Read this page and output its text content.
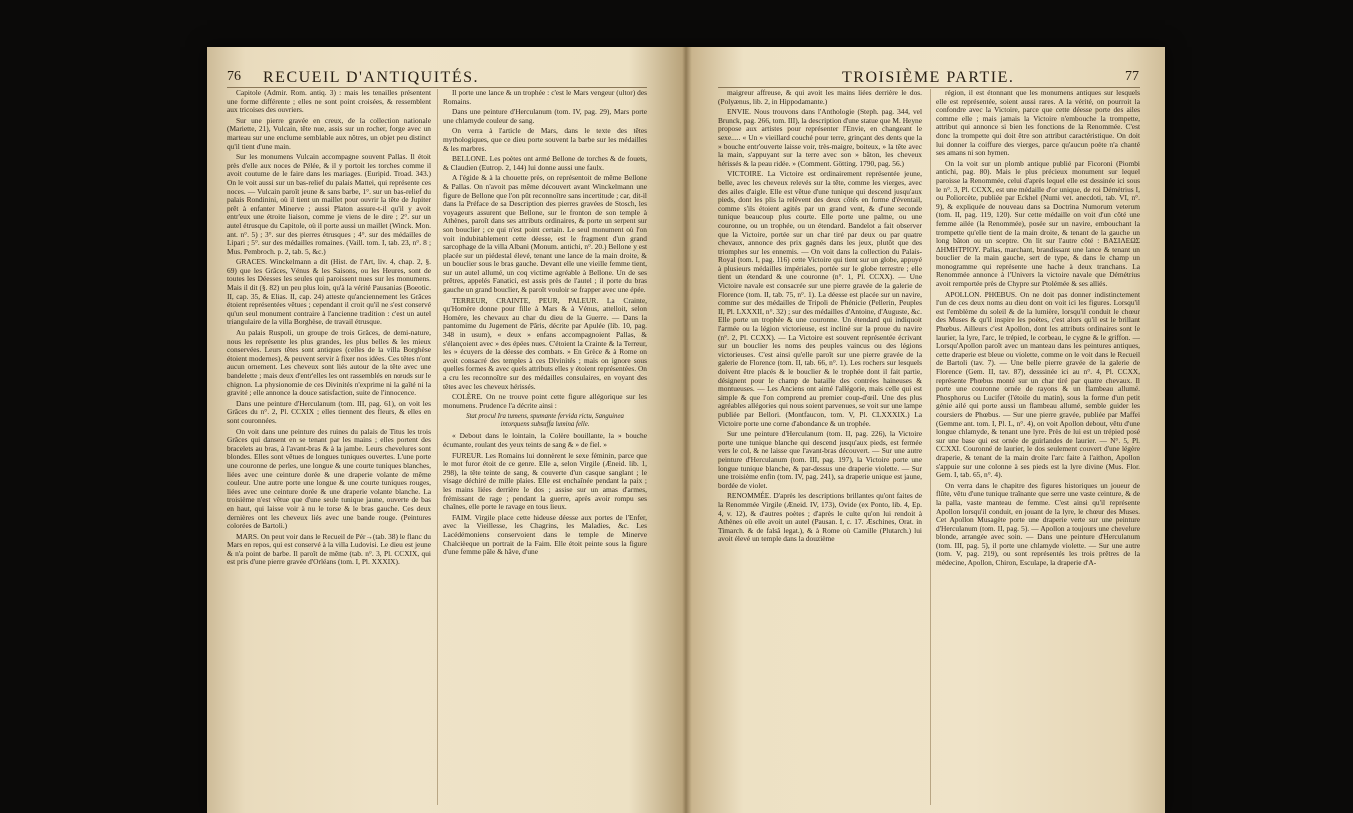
76 RECUEIL D'ANTIQUITÉS.

Capitole (Admir. Rom. antiq. 3) : mais les tenailles présentent une forme différente ; elles ne sont point croisées, & ressemblent aux tricoises des ouvriers.

Sur une pierre gravée en creux, de la collection nationale (Mariette, 21), Vulcain, tête nue, assis sur un rocher, forge avec un marteau sur une enclume semblable aux nôtres, un objet peu distinct qu'il tient d'une main.

Sur les monumens Vulcain accompagne souvent Pallas. Il étoit près d'elle aux noces de Pélée, & il y portoit les torches comme il avoit coutume de le faire dans les mariages. (Euripid. Troad. 343.) On le voit aussi sur un bas-relief du palais Mattei, qui représente ces noces. — Vulcain paroît jeune & sans barbe, 1°. sur un bas-relief du palais Rondinini, où il tient un maillet pour ouvrir la tête de Jupiter prêt à enfanter Minerve ; aussi Platon assure-t-il qu'il y avoit entr'eux une étroite liaison, comme je viens de le dire ; 2°. sur un autel étrusque du Capitole, où il porte aussi un maillet (Winck. Mon. ant. n°. 5) ; 3°. sur des pierres étrusques ; 4°. sur des médailles de Lipari ; 5°. sur des médailles romaines. (Vaill. tom. I, tab. 23, n°. 8 ; Mus. Pembroch. p. 2, tab. 5, &c.)

GRACES. Winckelmann a dit (Hist. de l'Art, liv. 4, chap. 2, §. 69) que les Grâces, Vénus & les Saisons, ou les Heures, sont de toutes les Déesses les seules qui paroissent nues sur les monumens. Mais il dit (§. 82) un peu plus loin, qu'à la vérité Pausanias (Boeotic. II, cap. 35, & Elias. II, cap. 24) atteste qu'anciennement les Grâces étoient représentées vêtues ; cependant il croit qu'il ne s'est conservé qu'un seul monument contraire à l'ancienne tradition : c'est un autel triangulaire de la villa Borghèse, de travail étrusque.

Au palais Ruspoli, un groupe de trois Grâces, de demi-nature, nous les représente les plus grandes, les plus belles & les mieux conservées. Leurs têtes sont antiques (celles de la villa Borghèse étoient modernes), & peuvent servir à fixer nos idées. Ces têtes n'ont aucun ornement. Les cheveux sont liés autour de la tête avec une bandelette ; mais deux d'entr'elles les ont rassemblés en nœuds sur le chignon. La physionomie de ces Divinités n'exprime ni la gaîté ni la gravité ; elle annonce la douce satisfaction, suite de l'innocence.

Dans une peinture d'Herculanum (tom. III, pag. 61), on voit les Grâces du n°. 2, Pl. CCXIX ; elles tiennent des fleurs, & elles en sont couronnées.

On voit dans une peinture des ruines du palais de Titus les trois Grâces qui dansent en se tenant par les mains ; elles portent des bracelets au bras, à l'avant-bras & à la jambe. Leurs chevelures sont blondes. Elles sont vêtues de longues tuniques ouvertes. L'une porte une couronne de perles, une longue & une courte tuniques blanches, liées avec une ceinture dorée & une draperie volante de même couleur. Une autre porte une longue & une courte tuniques rouges, liées avec une ceinture dorée & une draperie volante blanche. La troisième n'est vêtue que d'une seule tunique jaune, ouverte de bas en haut, qui laisse voir à nu le torse & le bras gauche. Ces deux dernières ont les cheveux liés avec une bande rouge. (Peintures colorées de Bartoli.)

MARS. On peut voir dans le Recueil de Pér→(tab. 38) le flanc du Mars en repos, qui est conservé à la villa Ludovisi. Le dieu est jeune & n'a point de barbe. Il paroît de même (tab. n°. 3, Pl. CCXIX, qui est pris d'une pierre gravée d'Orléans (tom. I, Pl. XXXIX).

Il porte une lance & un trophée : c'est le Mars vengeur (ultor) des Romains.

Dans une peinture d'Herculanum (tom. IV, pag. 29), Mars porte une chlamyde couleur de sang.

On verra à l'article de Mars, dans le texte des têtes mythologiques, que ce dieu porte souvent la barbe sur les médailles & les marbres.

BELLONE. Les poètes ont armé Bellone de torches & de fouets, & Claudien (Eutrop. 2, 144) lui donne aussi une faulx.

A l'égide & à la chouette près, on représentoit de même Bellone & Pallas. On n'avoit pas même découvert avant Winckelmann une figure de Bellone que l'on pût reconnoître sans incertitude ; car, dit-il dans la Préface de sa Description des pierres gravées de Stosch, les voyageurs assurent que Bellone, sur le fronton de son temple à Athènes, paroît dans ses attributs ordinaires, & porte un serpent sur son bouclier ; ce qui n'est point certain. Le seul monument où l'on voit indubitablement cette déesse, est le fragment d'un grand sarcophage de la villa Albani (Monum. antichi, n°. 20.) Bellone y est placée sur un piédestal élevé, tenant une lance de la main droite, & un bouclier sous le bras gauche. Devant elle une vieille femme tient, sur un autel allumé, un coq victime agréable à Bellone. Un de ses prêtres, appelés Fanatici, est assis près de l'autel ; il porte du bras gauche un grand bouclier, & paroît vouloir se frapper avec une épée.

TERREUR, CRAINTE, PEUR, PALEUR. La Crainte, qu'Homère donne pour fille à Mars & à Vénus, attelloit, selon Homère, les chevaux au char du dieu de la Guerre. — Dans la pantomime du Jugement de Pâris, décrite par Apulée (lib. 10, pag. 348 in usum), « deux » enfans accompagnoient Pallas, & s'élançoient avec » des épées nues. C'étoient la Crainte & la Terreur, les » écuyers de la déesse des combats. » En Grèce & à Rome on avoit consacré des temples à ces Divinités ; mais on ignore sous quelles formes & avec quels attributs elles y étoient représentées. On a cru les reconnoître sur des médailles consulaires, en voyant des têtes avec les cheveux hérissés.

COLÈRE. On ne trouve point cette figure allégorique sur les monumens. Prudence l'a décrite ainsi :

Stat procul Ira tumens, spumante fervida rictu, Sanguinea intorquens subsuffa lumina felle.

« Debout dans le lointain, la Colère bouillante, la » bouche écumante, roulant des yeux teints de sang & » de fiel. »

FUREUR. Les Romains lui donnèrent le sexe féminin, parce que le mot furor étoit de ce genre. Elle a, selon Virgile (Æneid. lib. 1, 298), la tête teinte de sang, & couverte d'un casque sanglant ; le visage déchiré de mille plaies. Elle est enchaînée pendant la paix ; les mains liées derrière le dos ; assise sur un amas d'armes, frémissant de rage ; pendant la guerre, après avoir rompu ses chaînes, elle porte le ravage en tous lieux.

FAIM. Virgile place cette hideuse déesse aux portes de l'Enfer, avec la Vieillesse, les Chagrins, les Maladies, &c. Les Lacédémoniens conservoient dans le temple de Minerve Chalcièeque un portrait de la Faim. Elle étoit peinte sous la figure d'une femme pâle & hâve, d'une

TROISIÈME PARTIE.	77

maigreur affreuse, & qui avoit les mains liées derrière le dos. (Polyænus, lib. 2, in Hippodamante.)

ENVIE. Nous trouvons dans l'Anthologie (Steph. pag. 344, vel Brunck, pag. 266, tom. III), la description d'une statue que M. Heyne propose aux artistes pour représenter l'Envie, en changeant le sexe..... « Un » vieillard couché pour terre, grinçant des dents que la » bouche entr'ouverte laisse voir, très-maigre, boiteux, » la tête avec la main, s'appuyant sur la terre avec son » bâton, les cheveux hérissés & la peau ridée. » (Comment. Götting. 1790, pag. 56.)

VICTOIRE. La Victoire est ordinairement représentée jeune, belle, avec les cheveux relevés sur la tête, comme les vierges, avec des ailes d'aigle. Elle est vêtue d'une tunique qui descend jusqu'aux pieds, dont les plis la relèvent des deux côtés en forme d'éventail, comme s'ils étoient agités par un grand vent, & d'une seconde tunique beaucoup plus courte. Elle porte une palme, ou une couronne, ou un trophée, ou un étendard. Bandelot a fait observer que la Victoire, portée sur un char tiré par deux ou par quatre chevaux, annonce des prix gagnés dans les jeux, plutôt que des triomphes sur les ennemis. — On voit dans la collection du Palais-Royal (tom. I, pag. 116) cette Victoire qui tient sur un globe, appuyé à plusieurs médailles impériales, portée sur le globe terrestre ; elle tient un étendard & une couronne (n°. 1, Pl. CCXX). — Une Victoire navale est consacrée sur une pierre gravée de la galerie de Florence (tom. II, tab. 75, n°. 1). La déesse est placée sur un navire, comme sur des médailles de Tripoli de Phénicie (Pellerin, Peuples II, Pl. LXXXII, n°. 32) ; sur des médailles d'Antoine, d'Auguste, &c. Elle porte un trophée & une couronne. Un étendard qui indiquoit l'armée ou la légion victorieuse, est incliné sur la proue du navire (n°. 2, Pl. CCXX). — La Victoire est souvent représentée écrivant sur un bouclier les noms des peuples vaincus ou des légions victorieuses. C'est ainsi qu'elle paroît sur une pierre gravée de la galerie de Florence (tom. II, tab. 66, n°. 1). Les rochers sur lesquels doivent être placés & le bouclier & le trophée dont il fait partie, désignent pour le champ de bataille des contrées haineuses & montueuses. — Les Anciens ont aimé l'allégorie, mais celle qui est simple & que l'on comprend au premier coup-d'œil. Une des plus agréables allégories qui nous soient parvenues, se voit sur une lampe publiée par Bellori. (Montfaucon, tom. V, Pl. CLXXXIX.) La Victoire porte une corne d'abondance & un trophée.

Sur une peinture d'Herculanum (tom. II, pag. 226), la Victoire porte une tunique blanche qui descend jusqu'aux pieds, est fermée vers le col, & ne laisse que l'avant-bras découvert. — Sur une autre peinture d'Herculanum (tom. III, pag. 197), la Victoire porte une longue tunique blanche, & par-dessus une draperie violette. — Sur une troisième enfin (tom. IV, pag. 241), sa draperie unique est jaune, bordée de violet.

RENOMMÉE. D'après les descriptions brillantes qu'ont faites de la Renommée Virgile (Æneid. IV, 173), Ovide (ex Ponto, lib. 4, Ep. 4, v. 12), & d'autres poètes ; d'après le culte qu'on lui rendoit à Athènes où elle avoit un autel (Pausan. I, c. 17. Æschines, Orat. in Timarch. & de falsâ legat.), & à Rome où Camille (Plutarch.) lui avoit élevé un temple dans la douzième

région, il est étonnant que les monumens antiques sur lesquels elle est représentée, soient aussi rares. A la vérité, on pourroit la confondre avec la Victoire, parce que cette déesse porte des ailes comme elle ; mais jamais la Victoire n'embouche la trompette, attribut qui annonce si bien les fonctions de la Renommée. C'est donc la trompette qui doit être son attribut caractéristique. On doit lui donner la coiffure des vierges, parce qu'aucun poète n'a chanté ses amans ni son hymen.

On la voit sur un plomb antique publié par Ficoroni (Piombi antichi, pag. 80). Mais le plus précieux monument sur lequel paroisse la Renommée, celui d'après lequel elle est dessinée ici sous le n°. 3, Pl. CCXX, est une médaille d'or unique, de roi Démétrius I, ou Poliorcète, publiée par Eckhel (Numi vet. anecdoti, tab. VI, n°. 9), & expliquée de nouveau dans sa Doctrina Numorum veterum (tom. II, pag. 119, 120). Sur cette médaille on voit d'un côté une femme ailée (la Renommée), posée sur un navire, embouchant la trompette qu'elle tient de la main droite, & tenant de la gauche un long bâton ou un sceptre. On lit sur l'autre côté : ΒΑΣΙΛΕΩΣ ΔΗΜΗΤΡΙΟΥ. Pallas, marchant, brandissant une lance & tenant un bouclier de la main gauche, sert de type, & dans le champ un monogramme qui représente une hache à deux tranchans. La Renommée annonce à l'Univers la victoire navale que Démétrius avoit remportée près de Chypre sur Ptolémée & ses alliés.

APOLLON. PHŒBUS. On ne doit pas donner indistinctement l'un de ces deux noms au dieu dont on voit ici les figures. Lorsqu'il est l'emblème du soleil & de la lumière, lorsqu'il conduit le chœur des Muses & qu'il inspire les poètes, c'est alors qu'il est le brillant Phœbus. Ailleurs c'est Apollon, dont les attributs ordinaires sont le laurier, la lyre, l'arc, le trépied, le corbeau, le cygne & le griffon. — Lorsqu'Apollon paroît avec un manteau dans les peintures antiques, cette draperie est bleue ou violette, comme on le voit dans le Recueil de Bartoli (tav. 7). — Une belle pierre gravée de la galerie de Florence (Gem. II, tav. 87), desssinée ici au n°. 4, Pl. CCXX, représente Phœbus monté sur un char tiré par quatre chevaux. Il porte une couronne ornée de rayons & un flambeau allumé. Phosphorus ou Lucifer (l'étoile du matin), sous la forme d'un petit génie ailé qui porte aussi un flambeau allumé, semble guider les coursiers de Phœbus. — Sur une pierre gravée, publiée par Maffei (Gemme ant. tom. I, Pl. L, n°. 4), on voit Apollon debout, vêtu d'une longue chlamyde, & tenant une lyre. Près de lui est un trépied posé sur une base qui est ornée de guirlandes de laurier. — N°. 5, Pl. CCXXI. Couronné de laurier, le dos seulement couvert d'une légère draperie, & tenant de la main droite l'arc faite à l'aithon, Apollon s'appuie sur une colonne à ses pieds est la lyre divine (Mus. Flor. Gem. I, tab. 65, n°. 4).

On verra dans le chapitre des figures historiques un joueur de flûte, vêtu d'une tunique traînante que serre une vaste ceinture, & de la palla, vaste manteau de femme. C'est ainsi qu'il représente Apollon lorsqu'il conduit, en jouant de la lyre, le chœur des Muses. Cet Apollon Musagète porte une draperie verte sur une peinture d'Herculanum (tom. II, pag. 5). — Apollon a toujours une chevelure blonde, arrangée avec soin. — Dans une peinture d'Herculanum (tom. III, pag. 5), il porte une chlamyde violette. — Sur une autre (tom. V, pag. 219), ou sont représentés les trois prêtres de la médecine, Apollon, Chiron, Esculape, la draperie d'A-
